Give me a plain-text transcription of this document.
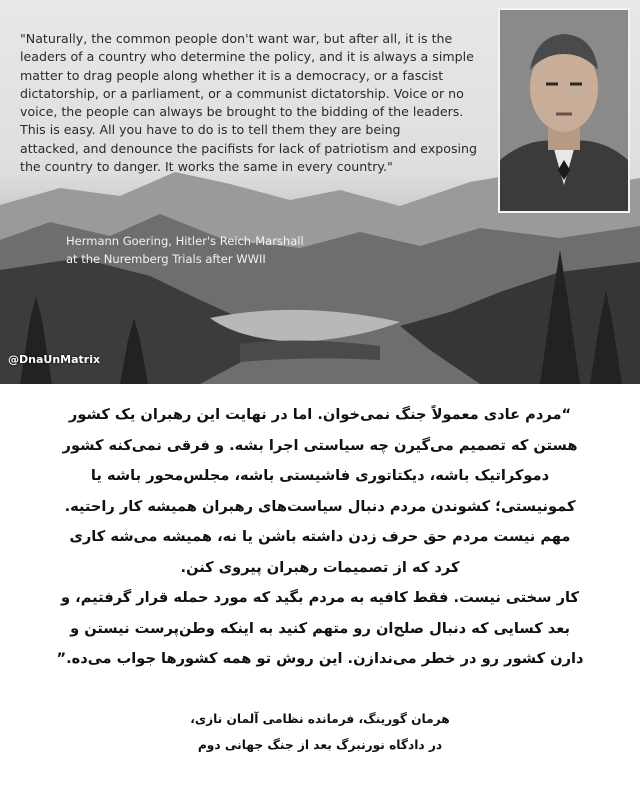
"Naturally, the common people don't want war, but after all, it is the
leaders of a country who determine the policy, and it is always a simple
matter to drag people along whether it is a democracy, or a fascist
dictatorship, or a parliament, or a communist dictatorship. Voice or no
voice, the people can always be brought to the bidding of the leaders.
This is easy. All you have to do is to tell them they are being
attacked, and denounce the pacifists for lack of patriotism and exposing
the country to danger. It works the same in every country."
Hermann Goering, Hitler's Reich-Marshall
at the Nuremberg Trials after WWII

@DnaUnMatrix

“مردم عادی معمولاً جنگ نمی‌خوان. اما در نهایت این رهبران یک کشور

هستن که تصمیم می‌گیرن چه سیاستی اجرا بشه. و فرقی نمی‌کنه کشور

دموکراتیک باشه، دیکتاتوری فاشیستی باشه، مجلس‌محور باشه یا

کمونیستی؛ کشوندن مردم دنبال سیاست‌های رهبران همیشه کار راحتیه.

مهم نیست مردم حق حرف زدن داشته باشن یا نه، همیشه می‌شه کاری

کرد که از تصمیمات رهبران پیروی کنن.

کار سختی نیست. فقط کافیه به مردم بگید که مورد حمله قرار گرفتیم، و

بعد کسایی که دنبال صلح‌ان رو متهم کنید به اینکه وطن‌پرست نیستن و

دارن کشور رو در خطر می‌ندازن. این روش تو همه کشورها جواب می‌ده.”

هرمان گورینگ، فرمانده نظامی آلمان نازی،

در دادگاه نورنبرگ بعد از جنگ جهانی دوم
